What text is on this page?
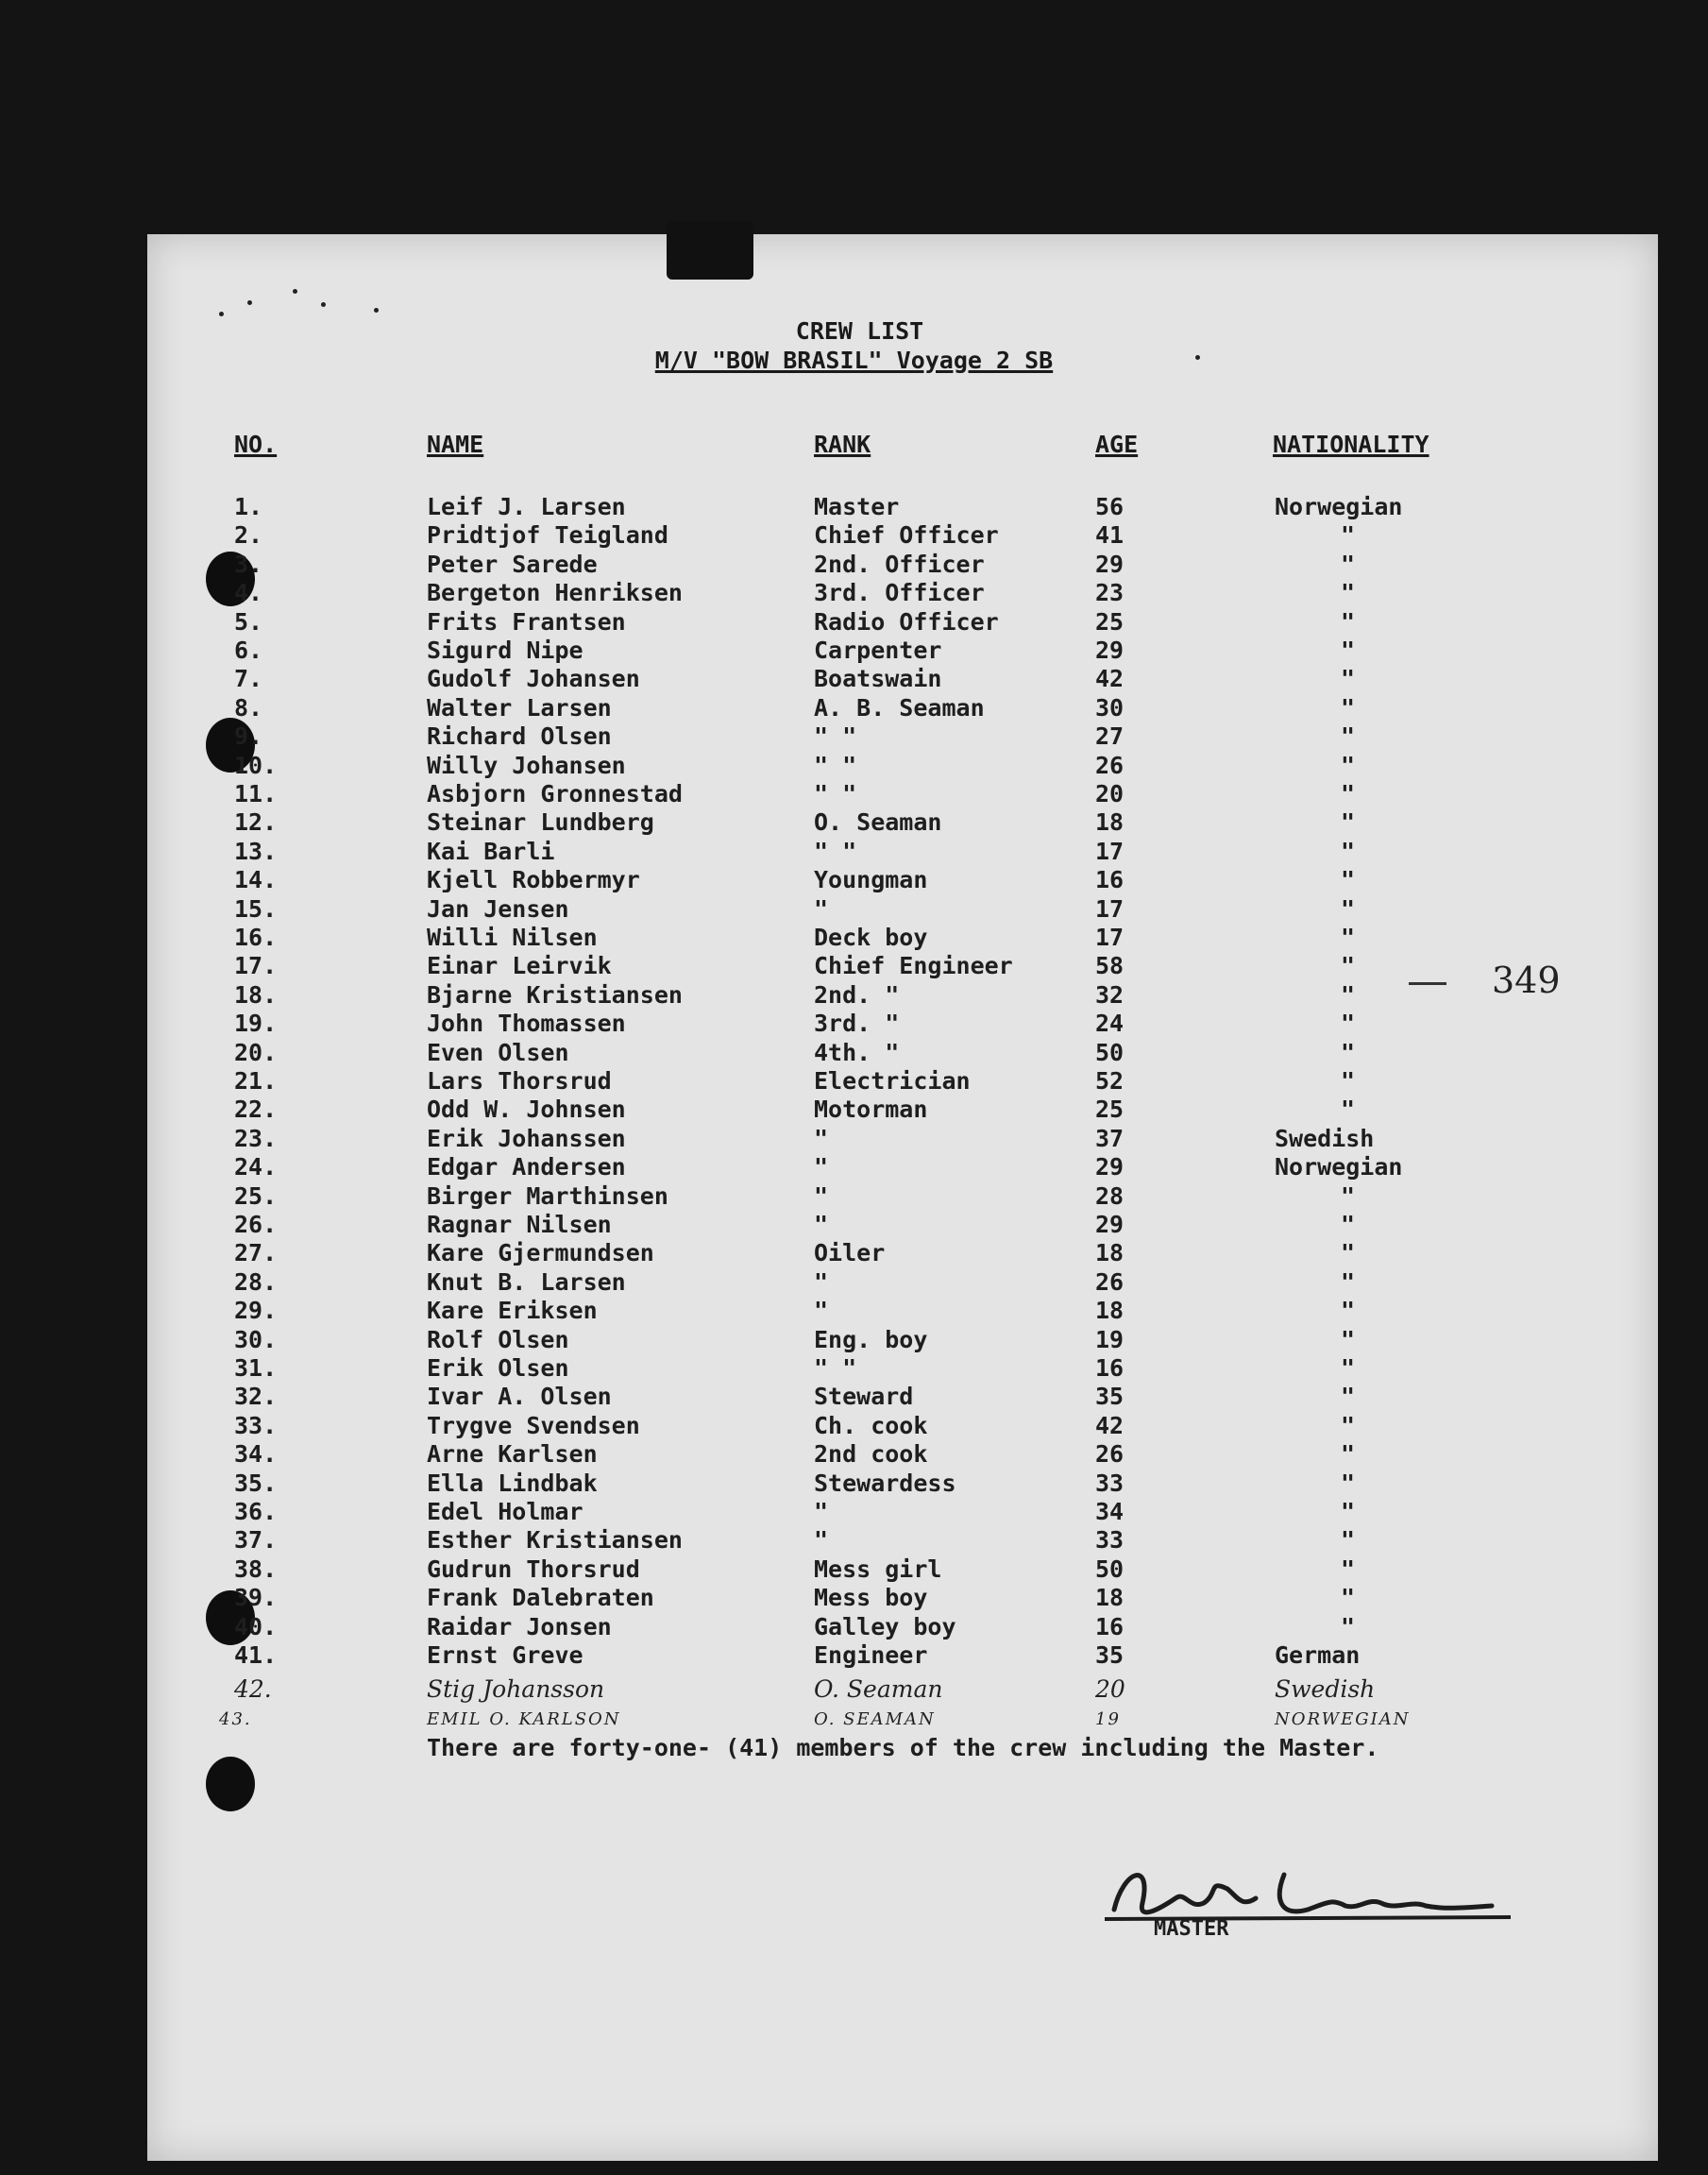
CREW LIST
M/V "BOW BRASIL" Voyage 2 SB
NO.	NAME	RANK	AGE	NATIONALITY
1.	Leif J. Larsen	Master	56	Norwegian
2.	Pridtjof Teigland	Chief Officer	41	"
3.	Peter Sarede	2nd. Officer	29	"
4.	Bergeton Henriksen	3rd. Officer	23	"
5.	Frits Frantsen	Radio Officer	25	"
6.	Sigurd Nipe	Carpenter	29	"
7.	Gudolf Johansen	Boatswain	42	"
8.	Walter Larsen	A. B. Seaman	30	"
9.	Richard Olsen	" "	27	"
10.	Willy Johansen	" "	26	"
11.	Asbjorn Gronnestad	" "	20	"
12.	Steinar Lundberg	O. Seaman	18	"
13.	Kai Barli	" "	17	"
14.	Kjell Robbermyr	Youngman	16	"
15.	Jan Jensen	"	17	"
16.	Willi Nilsen	Deck boy	17	"
17.	Einar Leirvik	Chief Engineer	58	"
18.	Bjarne Kristiansen	2nd. "	32	"
19.	John Thomassen	3rd. "	24	"
20.	Even Olsen	4th. "	50	"
21.	Lars Thorsrud	Electrician	52	"
22.	Odd W. Johnsen	Motorman	25	"
23.	Erik Johanssen	"	37	Swedish
24.	Edgar Andersen	"	29	Norwegian
25.	Birger Marthinsen	"	28	"
26.	Ragnar Nilsen	"	29	"
27.	Kare Gjermundsen	Oiler	18	"
28.	Knut B. Larsen	"	26	"
29.	Kare Eriksen	"	18	"
30.	Rolf Olsen	Eng. boy	19	"
31.	Erik Olsen	" "	16	"
32.	Ivar A. Olsen	Steward	35	"
33.	Trygve Svendsen	Ch. cook	42	"
34.	Arne Karlsen	2nd cook	26	"
35.	Ella Lindbak	Stewardess	33	"
36.	Edel Holmar	"	34	"
37.	Esther Kristiansen	"	33	"
38.	Gudrun Thorsrud	Mess girl	50	"
39.	Frank Dalebraten	Mess boy	18	"
40.	Raidar Jonsen	Galley boy	16	"
41.	Ernst Greve	Engineer	35	German
42.	Stig Johansson	O. Seaman	20	Swedish
43.	EMIL O. KARLSON	O. SEAMAN	19	NORWEGIAN
There are forty-one- (41) members of the crew including the Master.
349
MASTER
